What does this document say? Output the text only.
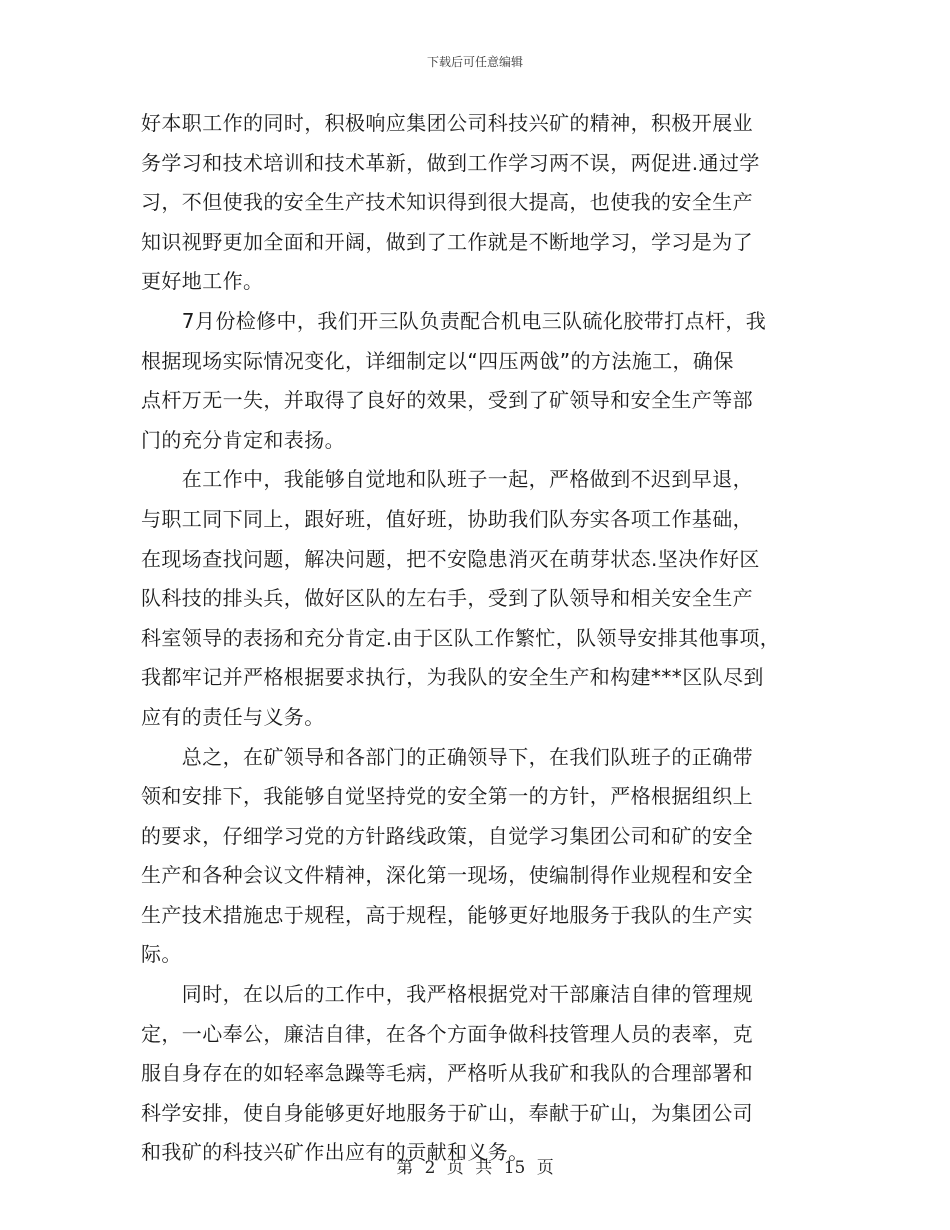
下载后可任意编辑
好本职工作的同时，积极响应集团公司科技兴矿的精神，积极开展业
务学习和技术培训和技术革新，做到工作学习两不误，两促进.通过学
习，不但使我的安全生产技术知识得到很大提高，也使我的安全生产
知识视野更加全面和开阔，做到了工作就是不断地学习，学习是为了
更好地工作。
　　7月份检修中，我们开三队负责配合机电三队硫化胶带打点杆，我
根据现场实际情况变化，详细制定以“四压两戗”的方法施工，确保
点杆万无一失，并取得了良好的效果，受到了矿领导和安全生产等部
门的充分肯定和表扬。
　　在工作中，我能够自觉地和队班子一起，严格做到不迟到早退，
与职工同下同上，跟好班，值好班，协助我们队夯实各项工作基础，
在现场查找问题，解决问题，把不安隐患消灭在萌芽状态.坚决作好区
队科技的排头兵，做好区队的左右手，受到了队领导和相关安全生产
科室领导的表扬和充分肯定.由于区队工作繁忙，队领导安排其他事项，
我都牢记并严格根据要求执行，为我队的安全生产和构建***区队尽到
应有的责任与义务。
　　总之，在矿领导和各部门的正确领导下，在我们队班子的正确带
领和安排下，我能够自觉坚持党的安全第一的方针，严格根据组织上
的要求，仔细学习党的方针路线政策，自觉学习集团公司和矿的安全
生产和各种会议文件精神，深化第一现场，使编制得作业规程和安全
生产技术措施忠于规程，高于规程，能够更好地服务于我队的生产实
际。
　　同时，在以后的工作中，我严格根据党对干部廉洁自律的管理规
定，一心奉公，廉洁自律，在各个方面争做科技管理人员的表率，克
服自身存在的如轻率急躁等毛病，严格听从我矿和我队的合理部署和
科学安排，使自身能够更好地服务于矿山，奉献于矿山，为集团公司
和我矿的科技兴矿作出应有的贡献和义务。
第 2 页 共 15 页
